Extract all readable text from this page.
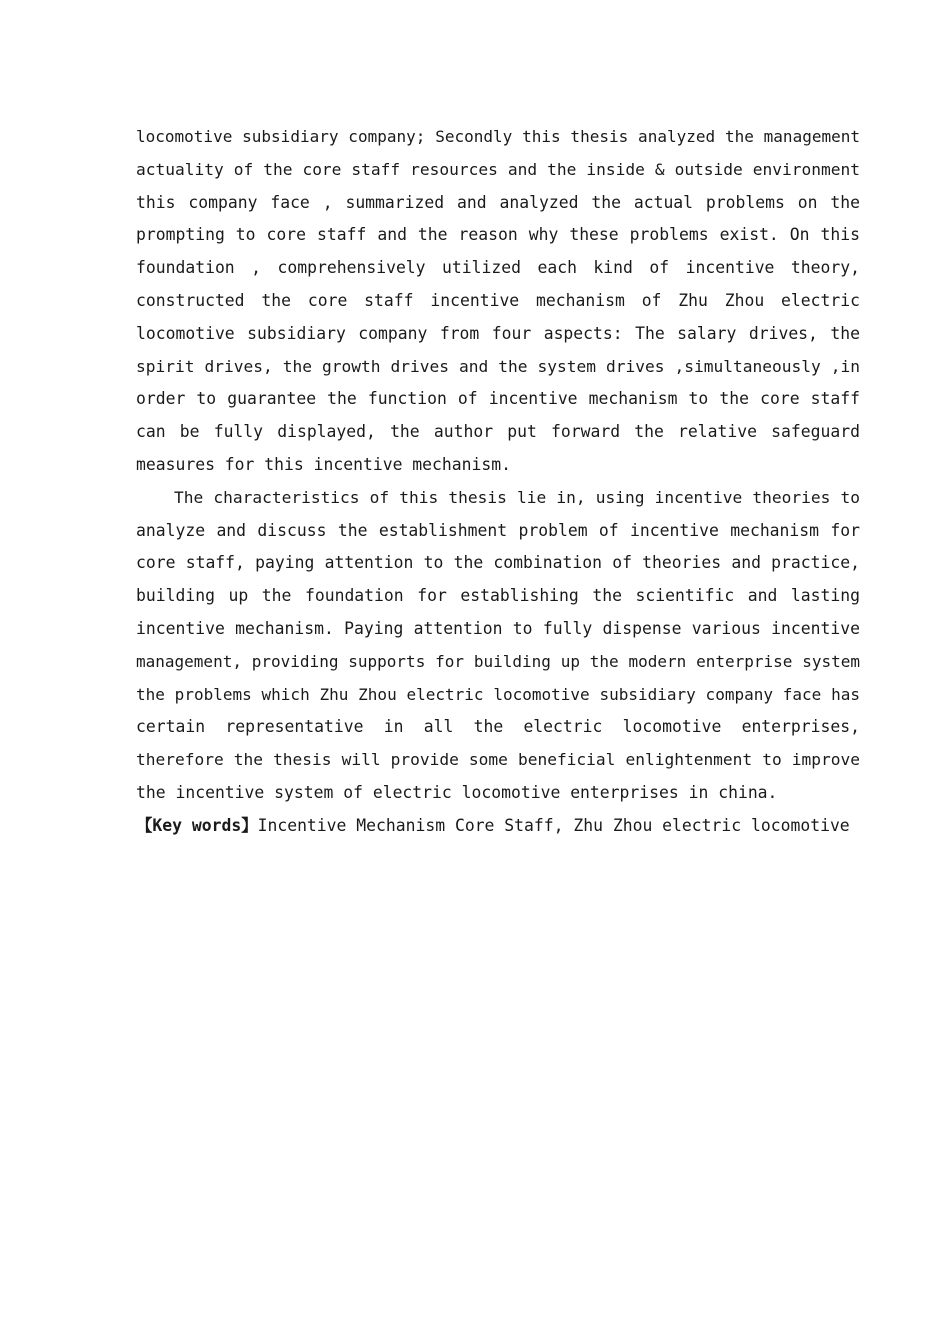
locomotive subsidiary company; Secondly this thesis analyzed the management
actuality of the core staff resources and the inside & outside environment
this company face , summarized and analyzed the actual problems on the
prompting to core staff and the reason why these problems exist. On this
foundation , comprehensively utilized each kind of incentive theory,
constructed the core staff incentive mechanism of Zhu Zhou electric
locomotive subsidiary company from four aspects: The salary drives, the
spirit drives, the growth drives and the system drives ,simultaneously ,in
order to guarantee the function of incentive mechanism to the core staff
can be fully displayed, the author put forward the relative safeguard
measures for this incentive mechanism.
The characteristics of this thesis lie in, using incentive theories to
analyze and discuss the establishment problem of incentive mechanism for
core staff, paying attention to the combination of theories and practice,
building up the foundation for establishing the scientific and lasting
incentive mechanism. Paying attention to fully dispense various incentive
management, providing supports for building up the modern enterprise system
the problems which Zhu Zhou electric locomotive subsidiary company face has
certain representative in all the electric locomotive enterprises,
therefore the thesis will provide some beneficial enlightenment to improve
the incentive system of electric locomotive enterprises in china.
【Key words】Incentive Mechanism Core Staff, Zhu Zhou electric locomotive
